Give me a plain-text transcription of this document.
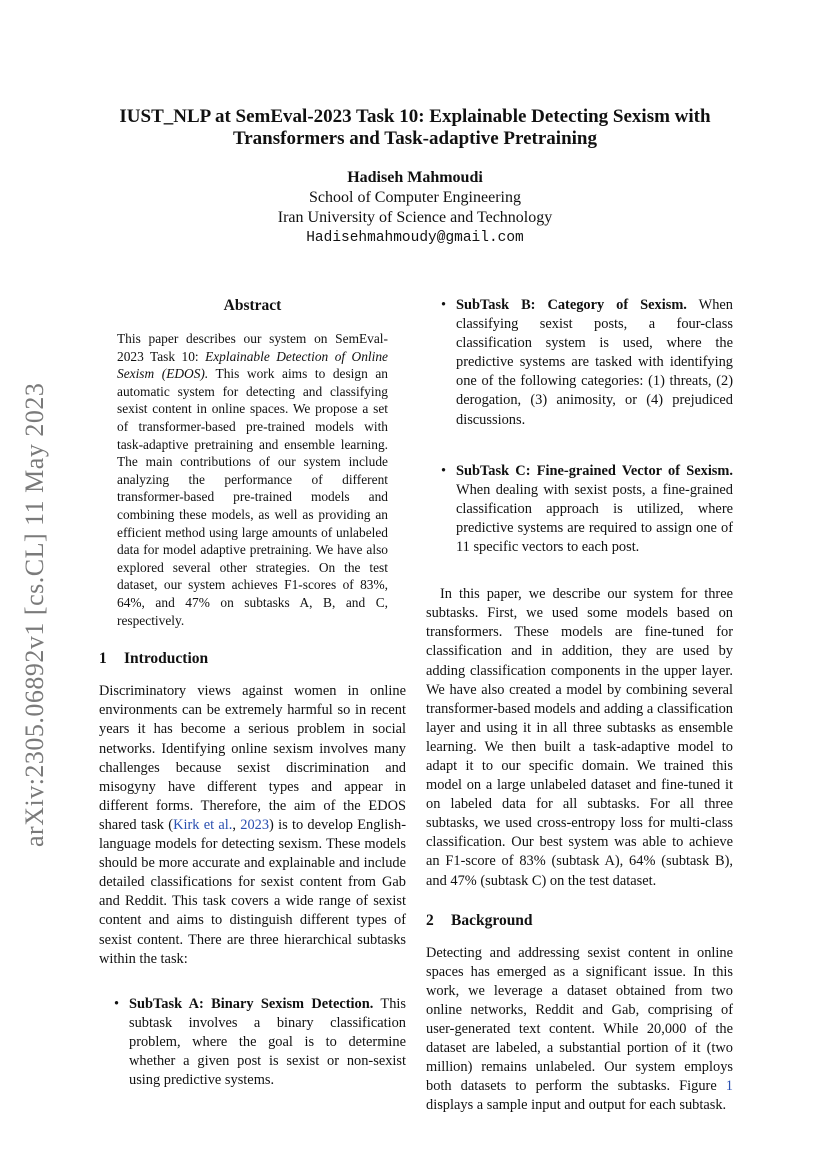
arXiv:2305.06892v1 [cs.CL] 11 May 2023
IUST_NLP at SemEval-2023 Task 10: Explainable Detecting Sexism with
Transformers and Task-adaptive Pretraining
Hadiseh Mahmoudi
School of Computer Engineering
Iran University of Science and Technology
Hadisehmahmoudy@gmail.com
Abstract

This paper describes our system on SemEval-2023 Task 10: Explainable Detection of Online Sexism (EDOS). This work aims to design an automatic system for detecting and classifying sexist content in online spaces. We propose a set of transformer-based pre-trained models with task-adaptive pretraining and ensemble learning. The main contributions of our system include analyzing the performance of different transformer-based pre-trained models and combining these models, as well as providing an efficient method using large amounts of unlabeled data for model adaptive pretraining. We have also explored several other strategies. On the test dataset, our system achieves F1-scores of 83%, 64%, and 47% on subtasks A, B, and C, respectively.

1 Introduction

Discriminatory views against women in online environments can be extremely harmful so in recent years it has become a serious problem in social networks. Identifying online sexism involves many challenges because sexist discrimination and misogyny have different types and appear in different forms. Therefore, the aim of the EDOS shared task (Kirk et al., 2023) is to develop English-language models for detecting sexism. These models should be more accurate and explainable and include detailed classifications for sexist content from Gab and Reddit. This task covers a wide range of sexist content and aims to distinguish different types of sexist content. There are three hierarchical subtasks within the task:

• SubTask A: Binary Sexism Detection. This subtask involves a binary classification problem, where the goal is to determine whether a given post is sexist or non-sexist using predictive systems.
• SubTask B: Category of Sexism. When classifying sexist posts, a four-class classification system is used, where the predictive systems are tasked with identifying one of the following categories: (1) threats, (2) derogation, (3) animosity, or (4) prejudiced discussions.
• SubTask C: Fine-grained Vector of Sexism. When dealing with sexist posts, a fine-grained classification approach is utilized, where predictive systems are required to assign one of 11 specific vectors to each post.

In this paper, we describe our system for three subtasks. First, we used some models based on transformers. These models are fine-tuned for classification and in addition, they are used by adding classification components in the upper layer. We have also created a model by combining several transformer-based models and adding a classification layer and using it in all three subtasks as ensemble learning. We then built a task-adaptive model to adapt it to our specific domain. We trained this model on a large unlabeled dataset and fine-tuned it on labeled data for all subtasks. For all three subtasks, we used cross-entropy loss for multi-class classification. Our best system was able to achieve an F1-score of 83% (subtask A), 64% (subtask B), and 47% (subtask C) on the test dataset.

2 Background

Detecting and addressing sexist content in online spaces has emerged as a significant issue. In this work, we leverage a dataset obtained from two online networks, Reddit and Gab, comprising of user-generated text content. While 20,000 of the dataset are labeled, a substantial portion of it (two million) remains unlabeled. Our system employs both datasets to perform the subtasks. Figure 1 displays a sample input and output for each subtask.
